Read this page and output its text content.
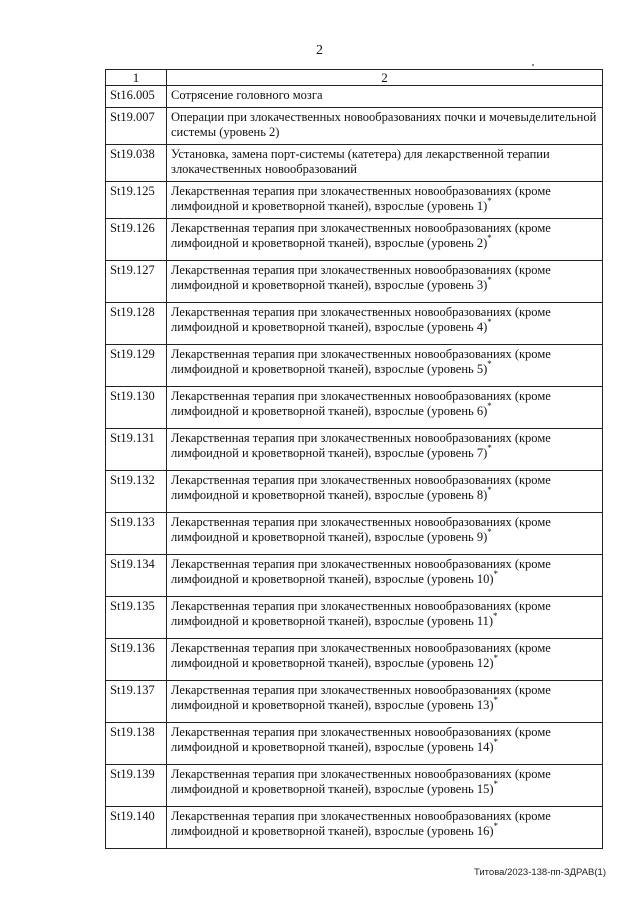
2
1	2
St16.005	Сотрясение головного мозга
St19.007	Операции при злокачественных новообразованиях почки и мочевыделительной системы (уровень 2)
St19.038	Установка, замена порт-системы (катетера) для лекарственной терапии злокачественных новообразований
St19.125	Лекарственная терапия при злокачественных новообразованиях (кроме лимфоидной и кроветворной тканей), взрослые (уровень 1)*
St19.126	Лекарственная терапия при злокачественных новообразованиях (кроме лимфоидной и кроветворной тканей), взрослые (уровень 2)*
St19.127	Лекарственная терапия при злокачественных новообразованиях (кроме лимфоидной и кроветворной тканей), взрослые (уровень 3)*
St19.128	Лекарственная терапия при злокачественных новообразованиях (кроме лимфоидной и кроветворной тканей), взрослые (уровень 4)*
St19.129	Лекарственная терапия при злокачественных новообразованиях (кроме лимфоидной и кроветворной тканей), взрослые (уровень 5)*
St19.130	Лекарственная терапия при злокачественных новообразованиях (кроме лимфоидной и кроветворной тканей), взрослые (уровень 6)*
St19.131	Лекарственная терапия при злокачественных новообразованиях (кроме лимфоидной и кроветворной тканей), взрослые (уровень 7)*
St19.132	Лекарственная терапия при злокачественных новообразованиях (кроме лимфоидной и кроветворной тканей), взрослые (уровень 8)*
St19.133	Лекарственная терапия при злокачественных новообразованиях (кроме лимфоидной и кроветворной тканей), взрослые (уровень 9)*
St19.134	Лекарственная терапия при злокачественных новообразованиях (кроме лимфоидной и кроветворной тканей), взрослые (уровень 10)*
St19.135	Лекарственная терапия при злокачественных новообразованиях (кроме лимфоидной и кроветворной тканей), взрослые (уровень 11)*
St19.136	Лекарственная терапия при злокачественных новообразованиях (кроме лимфоидной и кроветворной тканей), взрослые (уровень 12)*
St19.137	Лекарственная терапия при злокачественных новообразованиях (кроме лимфоидной и кроветворной тканей), взрослые (уровень 13)*
St19.138	Лекарственная терапия при злокачественных новообразованиях (кроме лимфоидной и кроветворной тканей), взрослые (уровень 14)*
St19.139	Лекарственная терапия при злокачественных новообразованиях (кроме лимфоидной и кроветворной тканей), взрослые (уровень 15)*
St19.140	Лекарственная терапия при злокачественных новообразованиях (кроме лимфоидной и кроветворной тканей), взрослые (уровень 16)*
Титова/2023-138-пп-ЗДРАВ(1)
